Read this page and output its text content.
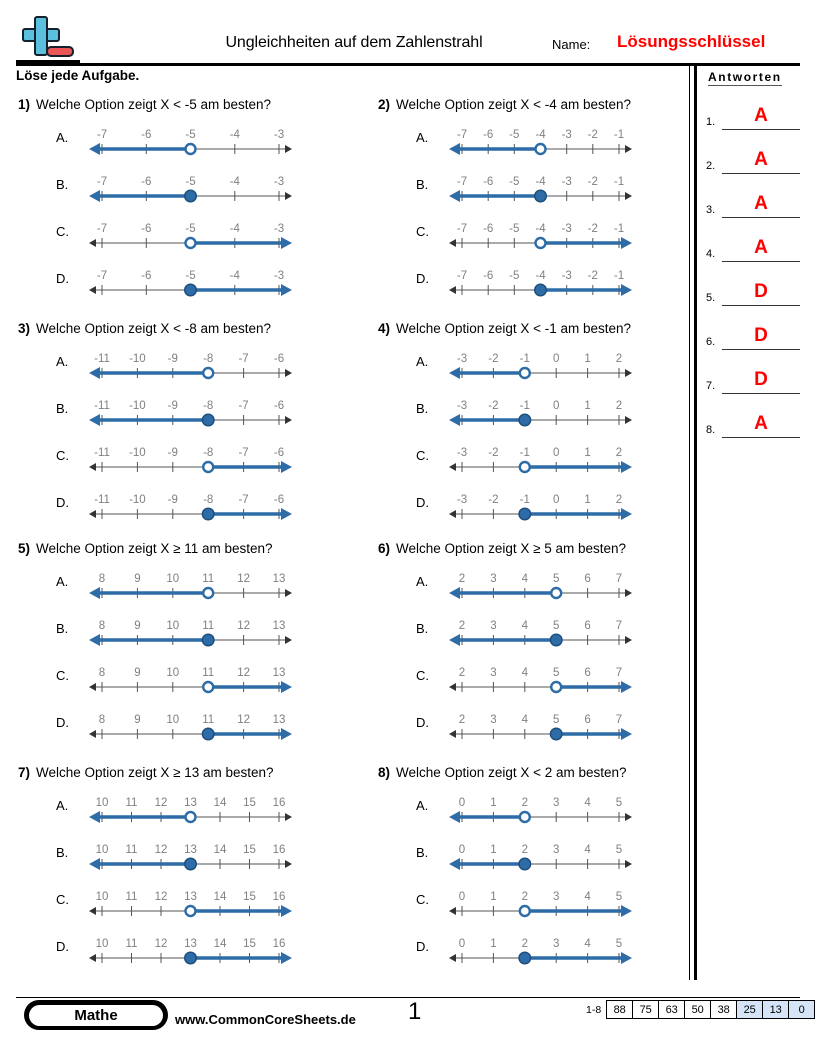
Ungleichheiten auf dem Zahlenstrahl	Name: Lösungsschlüssel
Löse jede Aufgabe.	Antworten
1.	A
2.	A
3.	A
4.	A
5.	D
6.	D
7.	D
8.	A
1) Welche Option zeigt X < -5 am besten?
A. -7	-6	-5	-4	-3
B. -7	-6	-5	-4	-3
C. -7	-6	-5	-4	-3
D. -7	-6	-5	-4	-3
2) Welche Option zeigt X < -4 am besten?
A. -7 -6 -5 -4 -3 -2 -1
B. -7 -6 -5 -4 -3 -2 -1
C. -7 -6 -5 -4 -3 -2 -1
D. -7 -6 -5 -4 -3 -2 -1
3) Welche Option zeigt X < -8 am besten?
A. -11 -10 -9 -8 -7 -6
B. -11 -10 -9 -8 -7 -6
C. -11 -10 -9 -8 -7 -6
D. -11 -10 -9 -8 -7 -6
4) Welche Option zeigt X < -1 am besten?
A. -3 -2 -1 0 1 2
B. -3 -2 -1 0 1 2
C. -3 -2 -1 0 1 2
D. -3 -2 -1 0 1 2
5) Welche Option zeigt X ≥ 11 am besten?
A.	8	9 10 11 12 13
B.	8	9 10 11 12 13
C.	8	9 10 11 12 13
D.	8	9 10 11 12 13
6) Welche Option zeigt X ≥ 5 am besten?
A.	2 3 4 5 6 7
B.	2 3 4 5 6 7
C.	2 3 4 5 6 7
D.	2 3 4 5 6 7
7) Welche Option zeigt X ≥ 13 am besten?
A. 10 11 12 13 14 15 16
B. 10 11 12 13 14 15 16
C. 10 11 12 13 14 15 16
D. 10 11 12 13 14 15 16
8) Welche Option zeigt X < 2 am besten?
A.	0 1 2 3 4 5
B.	0 1 2 3 4 5
C.	0 1 2 3 4 5
D.	0 1 2 3 4 5
Mathe	www.CommonCoreSheets.de 1	1-8	88	75	63	50	38	25	13	0
